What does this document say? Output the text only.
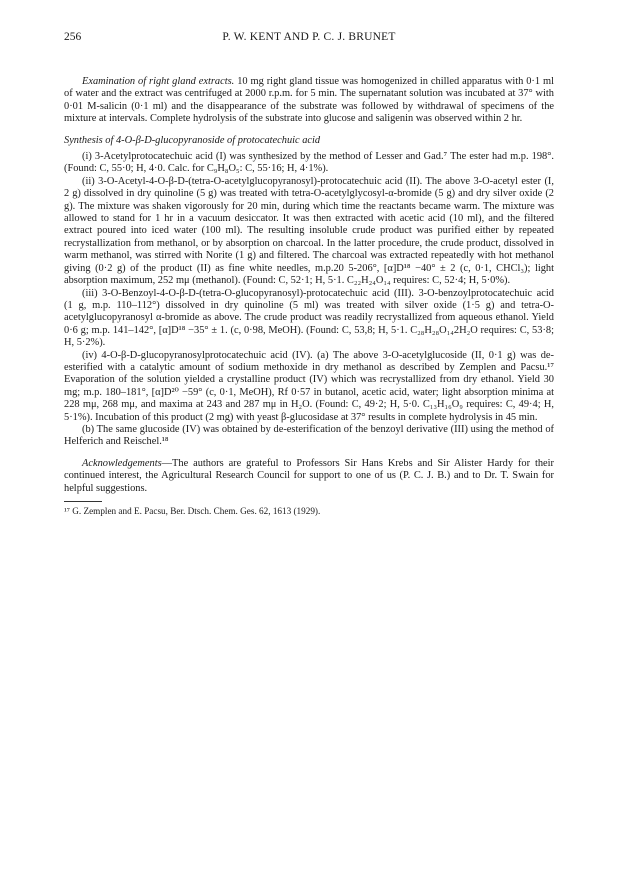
256	P. W. KENT AND P. C. J. BRUNET

Examination of right gland extracts. 10 mg right gland tissue was homogenized in chilled apparatus with 0·1 ml of water and the extract was centrifuged at 2000 r.p.m. for 5 min. The supernatant solution was incubated at 37° with 0·01 M-salicin (0·1 ml) and the disappearance of the substrate was followed by withdrawal of specimens of the mixture at intervals. Complete hydrolysis of the substrate into glucose and saligenin was observed within 2 hr.

Synthesis of 4-O-β-D-glucopyranoside of protocatechuic acid

(i) 3-Acetylprotocatechuic acid (I) was synthesized by the method of Lesser and Gad.⁷ The ester had m.p. 198°. (Found: C, 55·0; H, 4·0. Calc. for C₉H₈O₅: C, 55·16; H, 4·1%).

(ii) 3-O-Acetyl-4-O-β-D-(tetra-O-acetylglucopyranosyl)-protocatechuic acid (II). The above 3-O-acetyl ester (I, 2 g) dissolved in dry quinoline (5 g) was treated with tetra-O-acetylglycosyl-α-bromide (5 g) and dry silver oxide (2 g). The mixture was shaken vigorously for 20 min, during which time the reactants became warm. The mixture was allowed to stand for 1 hr in a vacuum desiccator. It was then extracted with acetic acid (10 ml), and the filtered extract poured into iced water (100 ml). The resulting insoluble crude product was purified either by repeated recrystallization from methanol, or by absorption on charcoal. In the latter procedure, the crude product, dissolved in warm methanol, was stirred with Norite (1 g) and filtered. The charcoal was extracted repeatedly with hot methanol giving (0·2 g) of the product (II) as fine white needles, m.p.20 5-206°, [α]D¹⁸ −40° ± 2 (c, 0·1, CHCl₃); light absorption maximum, 252 mμ (methanol). (Found: C, 52·1; H, 5·1. C₂₂H₂₄O₁₄ requires: C, 52·4; H, 5·0%).

(iii) 3-O-Benzoyl-4-O-β-D-(tetra-O-glucopyranosyl)-protocatechuic acid (III). 3-O-benzoylprotocatechuic acid (1 g, m.p. 110–112°) dissolved in dry quinoline (5 ml) was treated with silver oxide (1·5 g) and tetra-O-acetylglucopyranosyl α-bromide as above. The crude product was readily recrystallized from aqueous ethanol. Yield 0·6 g; m.p. 141–142°, [α]D¹⁸ −35° ± 1. (c, 0·98, MeOH). (Found: C, 53,8; H, 5·1. C₂₈H₂₈O₁₄2H₂O requires: C, 53·8; H, 5·2%).

(iv) 4-O-β-D-glucopyranosylprotocatechuic acid (IV). (a) The above 3-O-acetylglucoside (II, 0·1 g) was de-esterified with a catalytic amount of sodium methoxide in dry methanol as described by Zemplen and Pacsu.¹⁷ Evaporation of the solution yielded a crystalline product (IV) which was recrystallized from dry ethanol. Yield 30 mg; m.p. 180–181°, [α]D²⁰ −59° (c, 0·1, MeOH), Rf 0·57 in butanol, acetic acid, water; light absorption minima at 228 mμ, 268 mμ, and maxima at 243 and 287 mμ in H₂O. (Found: C, 49·2; H, 5·0. C₁₃H₁₆O₉ requires: C, 49·4; H, 5·1%). Incubation of this product (2 mg) with yeast β-glucosidase at 37° results in complete hydrolysis in 45 min.

(b) The same glucoside (IV) was obtained by de-esterification of the benzoyl derivative (III) using the method of Helferich and Reischel.¹⁸

Acknowledgements—The authors are grateful to Professors Sir Hans Krebs and Sir Alister Hardy for their continued interest, the Agricultural Research Council for support to one of us (P. C. J. B.) and to Dr. T. Swain for helpful suggestions.

¹⁷ G. Zemplen and E. Pacsu, Ber. Dtsch. Chem. Ges. 62, 1613 (1929).
